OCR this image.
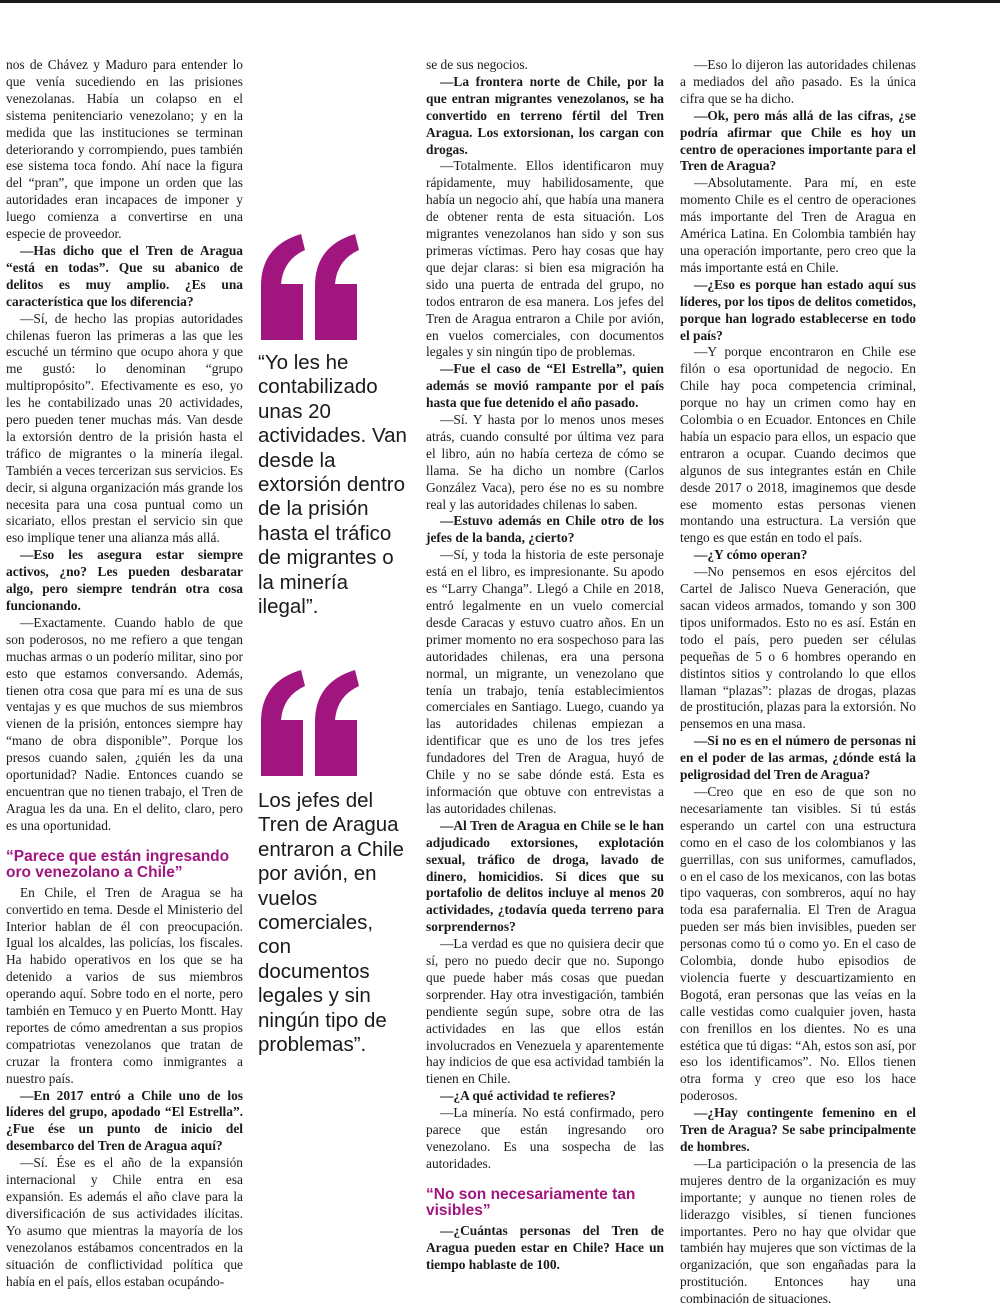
nos de Chávez y Maduro para entender lo que venía sucediendo en las prisiones venezolanas. Había un colapso en el sistema penitenciario venezolano; y en la medida que las instituciones se terminan deteriorando y corrompiendo, pues también ese sistema toca fondo. Ahí nace la figura del “pran”, que impone un orden que las autoridades eran incapaces de imponer y luego comienza a convertirse en una especie de proveedor.

—Has dicho que el Tren de Aragua “está en todas”. Que su abanico de delitos es muy amplio. ¿Es una característica que los diferencia?

—Sí, de hecho las propias autoridades chilenas fueron las primeras a las que les escuché un término que ocupo ahora y que me gustó: lo denominan “grupo multipropósito”. Efectivamente es eso, yo les he contabilizado unas 20 actividades, pero pueden tener muchas más. Van desde la extorsión dentro de la prisión hasta el tráfico de migrantes o la minería ilegal. También a veces tercerizan sus servicios. Es decir, si alguna organización más grande los necesita para una cosa puntual como un sicariato, ellos prestan el servicio sin que eso implique tener una alianza más allá.

—Eso les asegura estar siempre activos, ¿no? Les pueden desbaratar algo, pero siempre tendrán otra cosa funcionando.

—Exactamente. Cuando hablo de que son poderosos, no me refiero a que tengan muchas armas o un poderío militar, sino por esto que estamos conversando. Además, tienen otra cosa que para mí es una de sus ventajas y es que muchos de sus miembros vienen de la prisión, entonces siempre hay “mano de obra disponible”. Porque los presos cuando salen, ¿quién les da una oportunidad? Nadie. Entonces cuando se encuentran que no tienen trabajo, el Tren de Aragua les da una. En el delito, claro, pero es una oportunidad.

“Parece que están ingresando oro venezolano a Chile”

En Chile, el Tren de Aragua se ha convertido en tema. Desde el Ministerio del Interior hablan de él con preocupación. Igual los alcaldes, las policías, los fiscales. Ha habido operativos en los que se ha detenido a varios de sus miembros operando aquí. Sobre todo en el norte, pero también en Temuco y en Puerto Montt. Hay reportes de cómo amedrentan a sus propios compatriotas venezolanos que tratan de cruzar la frontera como inmigrantes a nuestro país.

—En 2017 entró a Chile uno de los líderes del grupo, apodado “El Estrella”. ¿Fue ése un punto de inicio del desembarco del Tren de Aragua aquí?

—Sí. Ése es el año de la expansión internacional y Chile entra en esa expansión. Es además el año clave para la diversificación de sus actividades ilícitas. Yo asumo que mientras la mayoría de los venezolanos estábamos concentrados en la situación de conflictividad política que había en el país, ellos estaban ocupándo-

“Yo les he contabilizado unas 20 actividades. Van desde la extorsión dentro de la prisión hasta el tráfico de migrantes o la minería ilegal”.
Los jefes del Tren de Aragua entraron a Chile por avión, en vuelos comerciales, con documentos legales y sin ningún tipo de problemas”.

se de sus negocios.

—La frontera norte de Chile, por la que entran migrantes venezolanos, se ha convertido en terreno fértil del Tren Aragua. Los extorsionan, los cargan con drogas.

—Totalmente. Ellos identificaron muy rápidamente, muy habilidosamente, que había un negocio ahí, que había una manera de obtener renta de esta situación. Los migrantes venezolanos han sido y son sus primeras víctimas. Pero hay cosas que hay que dejar claras: si bien esa migración ha sido una puerta de entrada del grupo, no todos entraron de esa manera. Los jefes del Tren de Aragua entraron a Chile por avión, en vuelos comerciales, con documentos legales y sin ningún tipo de problemas.

—Fue el caso de “El Estrella”, quien además se movió rampante por el país hasta que fue detenido el año pasado.

—Sí. Y hasta por lo menos unos meses atrás, cuando consulté por última vez para el libro, aún no había certeza de cómo se llama. Se ha dicho un nombre (Carlos González Vaca), pero ése no es su nombre real y las autoridades chilenas lo saben.

—Estuvo además en Chile otro de los jefes de la banda, ¿cierto?

—Sí, y toda la historia de este personaje está en el libro, es impresionante. Su apodo es “Larry Changa”. Llegó a Chile en 2018, entró legalmente en un vuelo comercial desde Caracas y estuvo cuatro años. En un primer momento no era sospechoso para las autoridades chilenas, era una persona normal, un migrante, un venezolano que tenía un trabajo, tenía establecimientos comerciales en Santiago. Luego, cuando ya las autoridades chilenas empiezan a identificar que es uno de los tres jefes fundadores del Tren de Aragua, huyó de Chile y no se sabe dónde está. Esta es información que obtuve con entrevistas a las autoridades chilenas.

—Al Tren de Aragua en Chile se le han adjudicado extorsiones, explotación sexual, tráfico de droga, lavado de dinero, homicidios. Si dices que su portafolio de delitos incluye al menos 20 actividades, ¿todavía queda terreno para sorprendernos?

—La verdad es que no quisiera decir que sí, pero no puedo decir que no. Supongo que puede haber más cosas que puedan sorprender. Hay otra investigación, también pendiente según supe, sobre otra de las actividades en las que ellos están involucrados en Venezuela y aparentemente hay indicios de que esa actividad también la tienen en Chile.

—¿A qué actividad te refieres?

—La minería. No está confirmado, pero parece que están ingresando oro venezolano. Es una sospecha de las autoridades.

“No son necesariamente tan visibles”

—¿Cuántas personas del Tren de Aragua pueden estar en Chile? Hace un tiempo hablaste de 100.

—Eso lo dijeron las autoridades chilenas a mediados del año pasado. Es la única cifra que se ha dicho.

—Ok, pero más allá de las cifras, ¿se podría afirmar que Chile es hoy un centro de operaciones importante para el Tren de Aragua?

—Absolutamente. Para mí, en este momento Chile es el centro de operaciones más importante del Tren de Aragua en América Latina. En Colombia también hay una operación importante, pero creo que la más importante está en Chile.

—¿Eso es porque han estado aquí sus líderes, por los tipos de delitos cometidos, porque han logrado establecerse en todo el país?

—Y porque encontraron en Chile ese filón o esa oportunidad de negocio. En Chile hay poca competencia criminal, porque no hay un crimen como hay en Colombia o en Ecuador. Entonces en Chile había un espacio para ellos, un espacio que entraron a ocupar. Cuando decimos que algunos de sus integrantes están en Chile desde 2017 o 2018, imaginemos que desde ese momento estas personas vienen montando una estructura. La versión que tengo es que están en todo el país.

—¿Y cómo operan?

—No pensemos en esos ejércitos del Cartel de Jalisco Nueva Generación, que sacan videos armados, tomando y son 300 tipos uniformados. Esto no es así. Están en todo el país, pero pueden ser células pequeñas de 5 o 6 hombres operando en distintos sitios y controlando lo que ellos llaman “plazas”: plazas de drogas, plazas de prostitución, plazas para la extorsión. No pensemos en una masa.

—Si no es en el número de personas ni en el poder de las armas, ¿dónde está la peligrosidad del Tren de Aragua?

—Creo que en eso de que son no necesariamente tan visibles. Si tú estás esperando un cartel con una estructura como en el caso de los colombianos y las guerrillas, con sus uniformes, camuflados, o en el caso de los mexicanos, con las botas tipo vaqueras, con sombreros, aquí no hay toda esa parafernalia. El Tren de Aragua pueden ser más bien invisibles, pueden ser personas como tú o como yo. En el caso de Colombia, donde hubo episodios de violencia fuerte y descuartizamiento en Bogotá, eran personas que las veías en la calle vestidas como cualquier joven, hasta con frenillos en los dientes. No es una estética que tú digas: “Ah, estos son así, por eso los identificamos”. No. Ellos tienen otra forma y creo que eso los hace poderosos.

—¿Hay contingente femenino en el Tren de Aragua? Se sabe principalmente de hombres.

—La participación o la presencia de las mujeres dentro de la organización es muy importante; y aunque no tienen roles de liderazgo visibles, sí tienen funciones importantes. Pero no hay que olvidar que también hay mujeres que son víctimas de la organización, que son engañadas para la prostitución. Entonces hay una combinación de situaciones.
